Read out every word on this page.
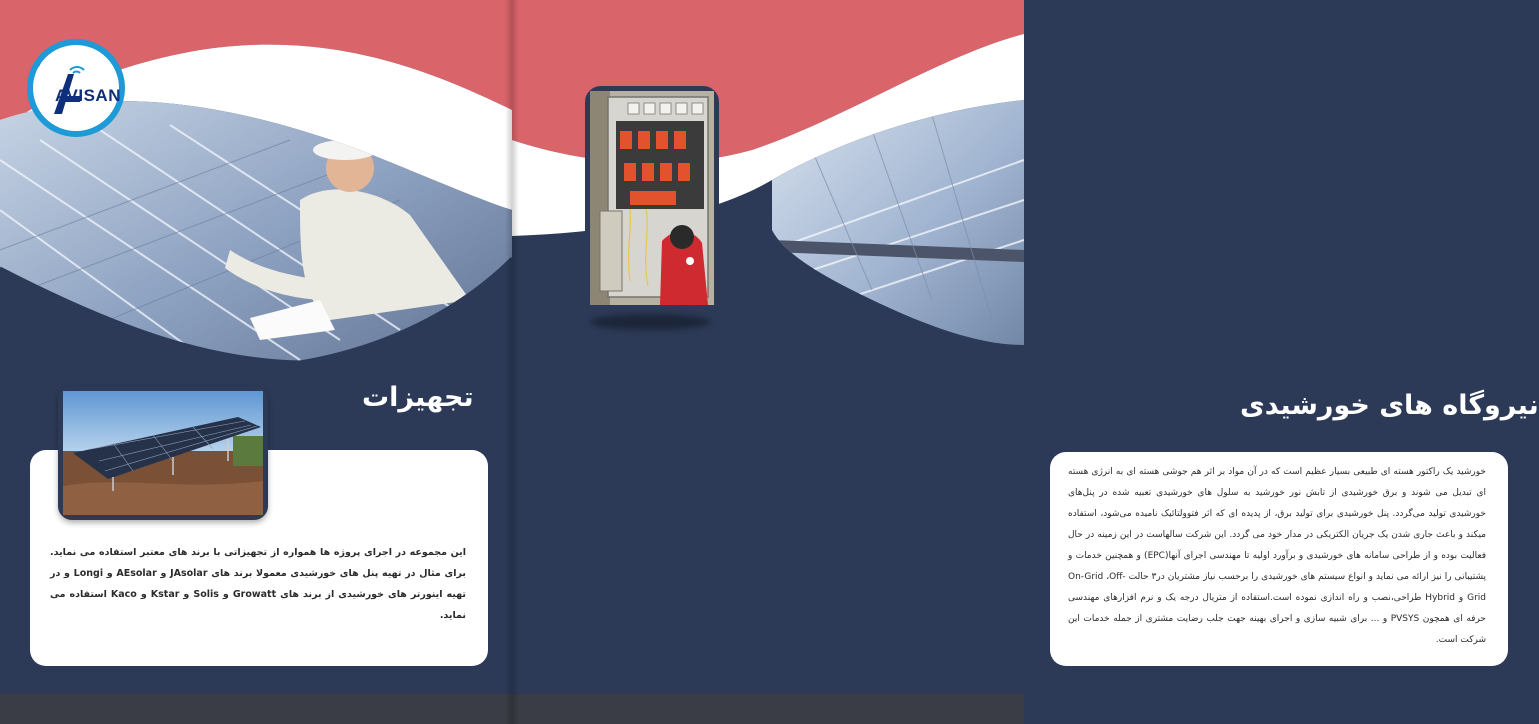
AVISAN
تجهیزات
این مجموعه در اجرای پروژه ها همواره از تجهیزاتی با برند های معتبر استفاده می نماید. برای مثال در تهیه پنل های خورشیدی معمولا برند های JAsolar و AEsolar و Longi و در تهیه اینورتر های خورشیدی از برند های Growatt و Solis و Kstar و Kaco استفاده می نماید.
نیروگاه های خورشیدی
خورشید یک راکتور هسته ای طبیعی بسیار عظیم است که در آن مواد بر اثر هم جوشی هسته ای به انرژی هسته ای تبدیل می شوند و برق خورشیدی از تابش نور خورشید به سلول های خورشیدی تعبیه شده در پنل‌های خورشیدی تولید می‌گردد. پنل خورشیدی برای تولید برق، از پدیده ای که اثر فتوولتائیک نامیده می‌شود، استفاده میکند و باعث جاری شدن یک جریان الکتریکی در مدار خود می گردد. این شرکت سالهاست در این زمینه در حال فعالیت بوده و از طراحی سامانه های خورشیدی و برآورد اولیه تا مهندسی اجرای آنها(EPC) و همچنین خدمات و پشتیبانی را نیز ارائه می نماید و انواع سیستم های خورشیدی را برحسب نیاز مشتریان در۳ حالت On-Grid ،Off-Grid و Hybrid طراحی،نصب و راه اندازی نموده است.استفاده از متریال درجه یک و نرم افزارهای مهندسی حرفه ای همچون PVSYS و ... برای شبیه سازی و اجرای بهینه جهت جلب رضایت مشتری از جمله خدمات این شرکت است.
